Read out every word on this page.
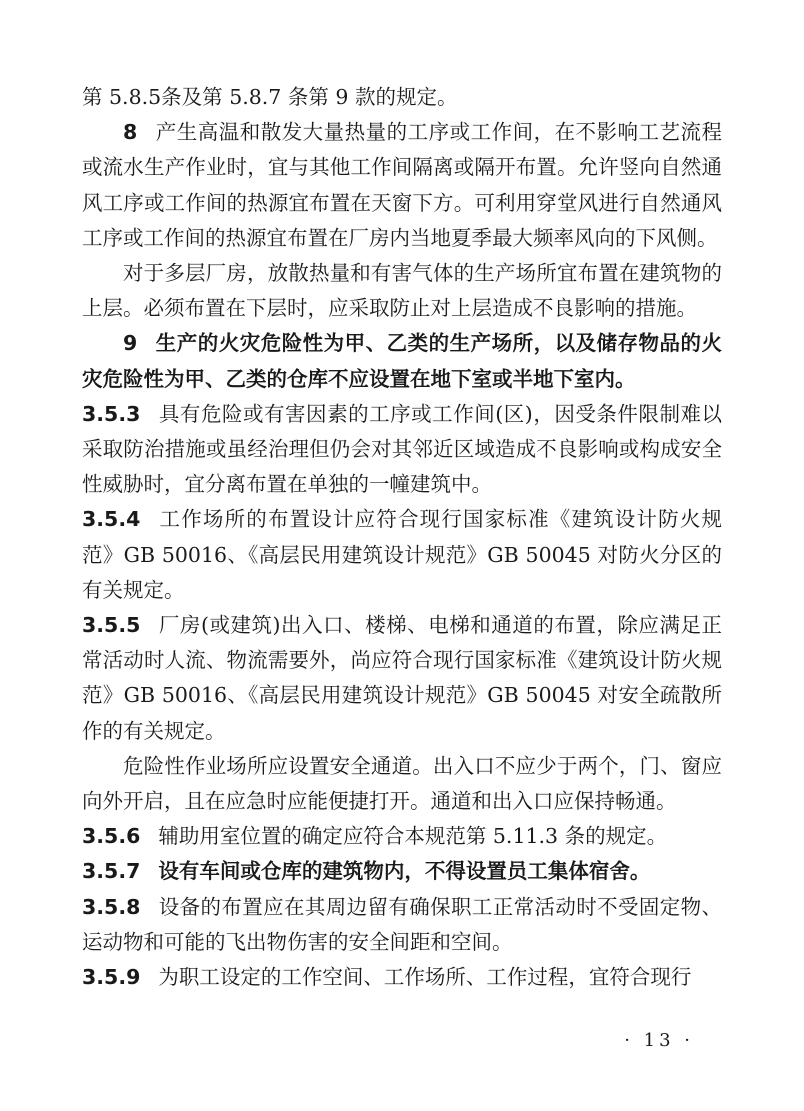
第 5.8.5条及第 5.8.7 条第 9 款的规定。

8 产生高温和散发大量热量的工序或工作间，在不影响工艺流程或流水生产作业时，宜与其他工作间隔离或隔开布置。允许竖向自然通风工序或工作间的热源宜布置在天窗下方。可利用穿堂风进行自然通风工序或工作间的热源宜布置在厂房内当地夏季最大频率风向的下风侧。

对于多层厂房，放散热量和有害气体的生产场所宜布置在建筑物的上层。必须布置在下层时，应采取防止对上层造成不良影响的措施。

9 生产的火灾危险性为甲、乙类的生产场所，以及储存物品的火灾危险性为甲、乙类的仓库不应设置在地下室或半地下室内。

3.5.3 具有危险或有害因素的工序或工作间(区)，因受条件限制难以采取防治措施或虽经治理但仍会对其邻近区域造成不良影响或构成安全性威胁时，宜分离布置在单独的一幢建筑中。

3.5.4 工作场所的布置设计应符合现行国家标准《建筑设计防火规范》GB 50016、《高层民用建筑设计规范》GB 50045 对防火分区的有关规定。

3.5.5 厂房(或建筑)出入口、楼梯、电梯和通道的布置，除应满足正常活动时人流、物流需要外，尚应符合现行国家标准《建筑设计防火规范》GB 50016、《高层民用建筑设计规范》GB 50045 对安全疏散所作的有关规定。

危险性作业场所应设置安全通道。出入口不应少于两个，门、窗应向外开启，且在应急时应能便捷打开。通道和出入口应保持畅通。

3.5.6 辅助用室位置的确定应符合本规范第 5.11.3 条的规定。

3.5.7 设有车间或仓库的建筑物内，不得设置员工集体宿舍。

3.5.8 设备的布置应在其周边留有确保职工正常活动时不受固定物、运动物和可能的飞出物伤害的安全间距和空间。

3.5.9 为职工设定的工作空间、工作场所、工作过程，宜符合现行

· 13 ·
